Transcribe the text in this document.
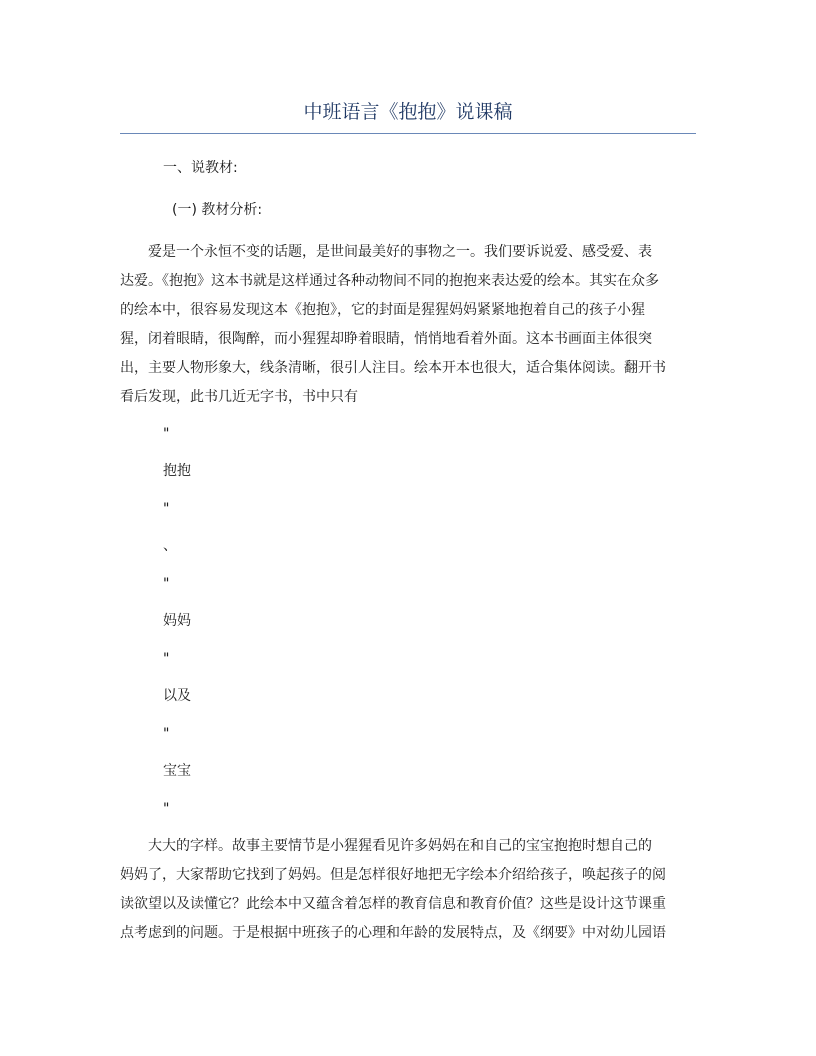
中班语言《抱抱》说课稿
一、说教材:
(一) 教材分析:
　　爱是一个永恒不变的话题，是世间最美好的事物之一。我们要诉说爱、感受爱、表
达爱。《抱抱》这本书就是这样通过各种动物间不同的抱抱来表达爱的绘本。其实在众多
的绘本中，很容易发现这本《抱抱》，它的封面是猩猩妈妈紧紧地抱着自己的孩子小猩
猩，闭着眼睛，很陶醉，而小猩猩却睁着眼睛，悄悄地看着外面。这本书画面主体很突
出，主要人物形象大，线条清晰，很引人注目。绘本开本也很大，适合集体阅读。翻开书
看后发现，此书几近无字书，书中只有
"
抱抱
"
、
"
妈妈
"
以及
"
宝宝
"
　　大大的字样。故事主要情节是小猩猩看见许多妈妈在和自己的宝宝抱抱时想自己的
妈妈了，大家帮助它找到了妈妈。但是怎样很好地把无字绘本介绍给孩子，唤起孩子的阅
读欲望以及读懂它？此绘本中又蕴含着怎样的教育信息和教育价值？这些是设计这节课重
点考虑到的问题。于是根据中班孩子的心理和年龄的发展特点，及《纲要》中对幼儿园语
